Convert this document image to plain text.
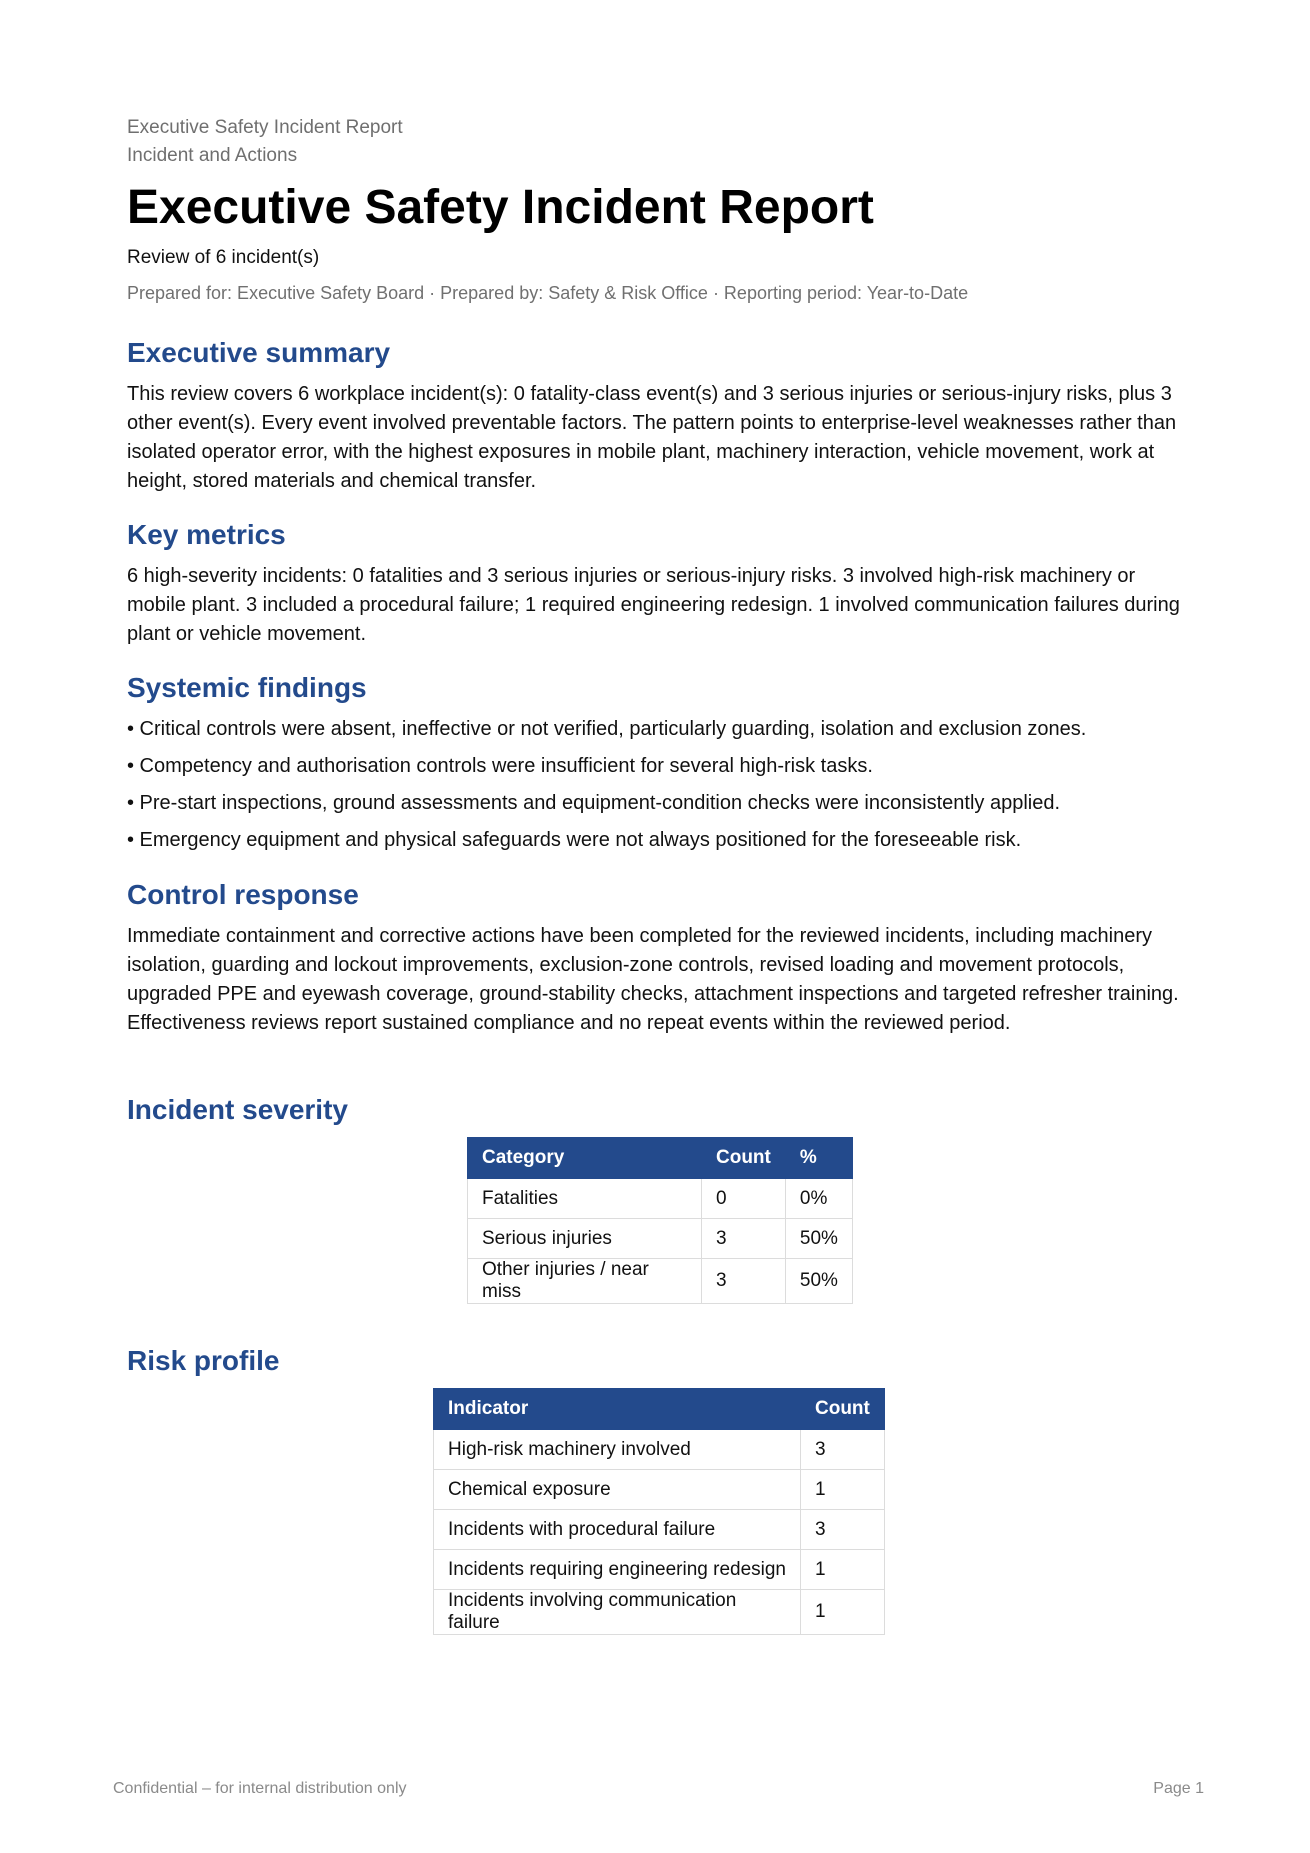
Executive Safety Incident Report
Incident and Actions
Executive Safety Incident Report
Review of 6 incident(s)
Prepared for: Executive Safety Board · Prepared by: Safety & Risk Office · Reporting period: Year-to-Date
Executive summary

This review covers 6 workplace incident(s): 0 fatality-class event(s) and 3 serious injuries or serious-injury risks, plus 3 other event(s). Every event involved preventable factors. The pattern points to enterprise-level weaknesses rather than isolated operator error, with the highest exposures in mobile plant, machinery interaction, vehicle movement, work at height, stored materials and chemical transfer.

Key metrics

6 high-severity incidents: 0 fatalities and 3 serious injuries or serious-injury risks. 3 involved high-risk machinery or mobile plant. 3 included a procedural failure; 1 required engineering redesign. 1 involved communication failures during plant or vehicle movement.

Systemic findings
• Critical controls were absent, ineffective or not verified, particularly guarding, isolation and exclusion zones.
• Competency and authorisation controls were insufficient for several high-risk tasks.
• Pre-start inspections, ground assessments and equipment-condition checks were inconsistently applied.
• Emergency equipment and physical safeguards were not always positioned for the foreseeable risk.
Control response

Immediate containment and corrective actions have been completed for the reviewed incidents, including machinery isolation, guarding and lockout improvements, exclusion-zone controls, revised loading and movement protocols, upgraded PPE and eyewash coverage, ground-stability checks, attachment inspections and targeted refresher training. Effectiveness reviews report sustained compliance and no repeat events within the reviewed period.

Incident severity
Category	Count	%
Fatalities	0	0%
Serious injuries	3	50%
Other injuries / near miss	3	50%
Risk profile
Indicator	Count
High-risk machinery involved	3
Chemical exposure	1
Incidents with procedural failure	3
Incidents requiring engineering redesign	1
Incidents involving communication failure	1
Confidential – for internal distribution only	Page 1
